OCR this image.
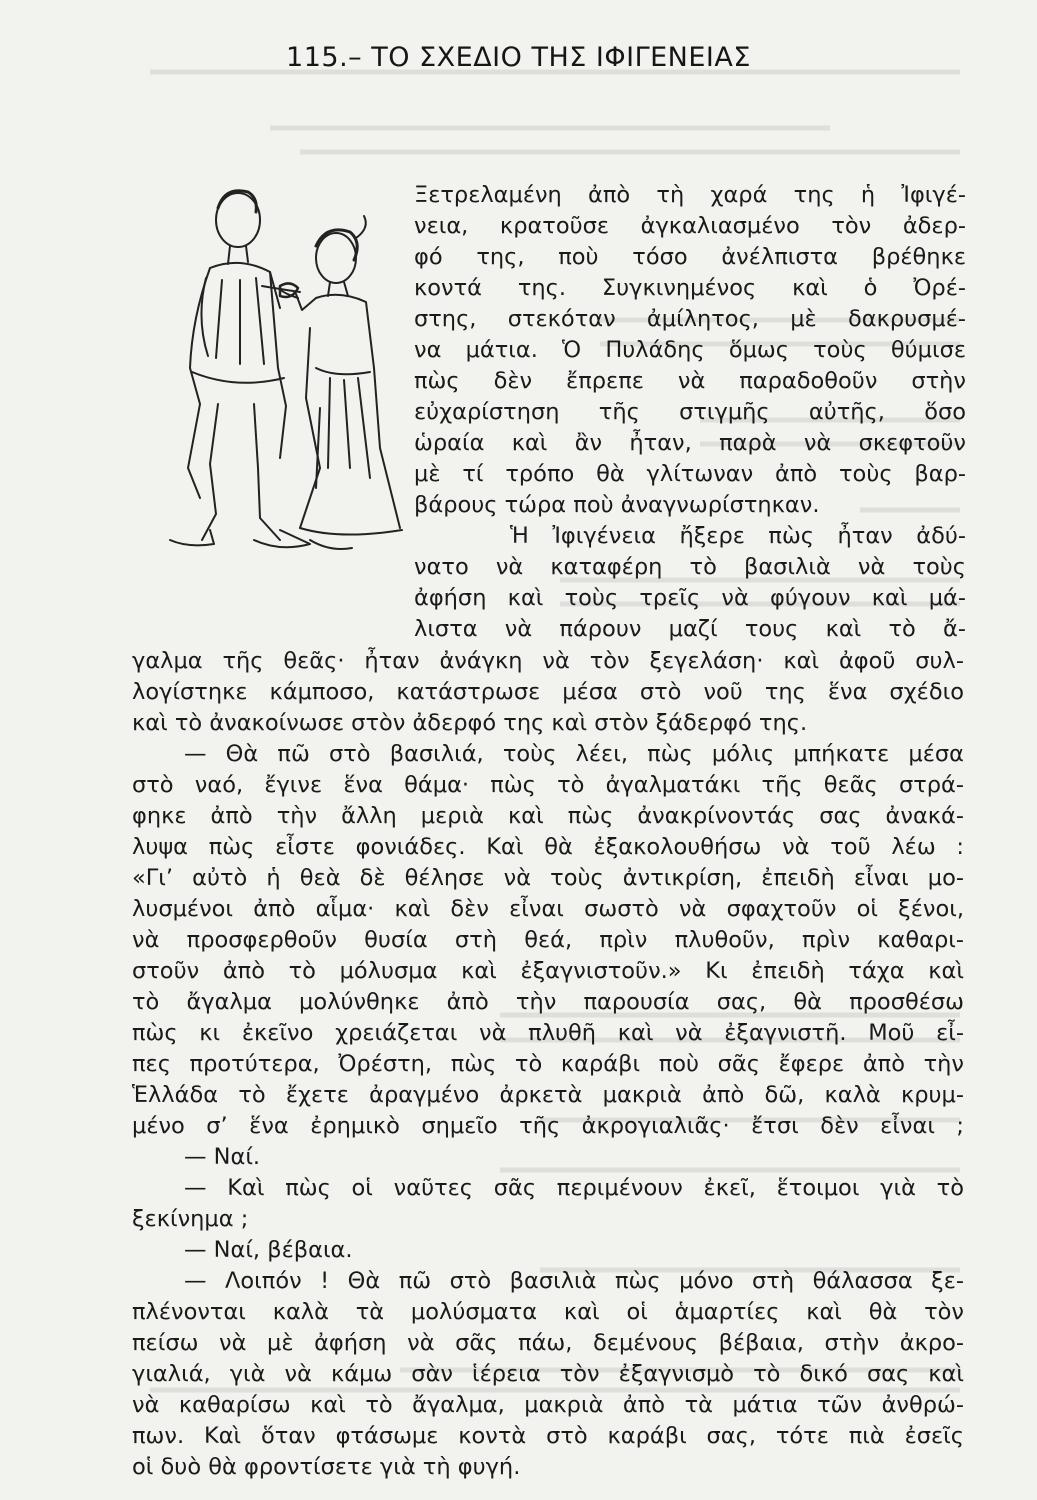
115.– ΤΟ ΣΧΕΔΙΟ ΤΗΣ ΙΦΙΓΕΝΕΙΑΣ
Ξετρελαμένη ἀπὸ τὴ χαρά της ἡ Ἰφιγέ-
νεια, κρατοῦσε ἀγκαλιασμένο τὸν ἀδερ-
φό της, ποὺ τόσο ἀνέλπιστα βρέθηκε
κοντά της. Συγκινημένος καὶ ὁ Ὀρέ-
στης, στεκόταν ἀμίλητος, μὲ δακρυσμέ-
να μάτια. Ὁ Πυλάδης ὅμως τοὺς θύμισε
πὼς δὲν ἔπρεπε νὰ παραδοθοῦν στὴν
εὐχαρίστηση τῆς στιγμῆς αὐτῆς, ὅσο
ὡραία καὶ ἂν ἦταν, παρὰ νὰ σκεφτοῦν
μὲ τί τρόπο θὰ γλίτωναν ἀπὸ τοὺς βαρ-
βάρους τώρα ποὺ ἀναγνωρίστηκαν.
Ἡ Ἰφιγένεια ἤξερε πὼς ἦταν ἀδύ-
νατο νὰ καταφέρη τὸ βασιλιὰ νὰ τοὺς
ἀφήση καὶ τοὺς τρεῖς νὰ φύγουν καὶ μά-
λιστα νὰ πάρουν μαζί τους καὶ τὸ ἄ-
γαλμα τῆς θεᾶς· ἦταν ἀνάγκη νὰ τὸν ξεγελάση· καὶ ἀφοῦ συλ-
λογίστηκε κάμποσο, κατάστρωσε μέσα στὸ νοῦ της ἕνα σχέδιο
καὶ τὸ ἀνακοίνωσε στὸν ἀδερφό της καὶ στὸν ξάδερφό της.
— Θὰ πῶ στὸ βασιλιά, τοὺς λέει, πὼς μόλις μπήκατε μέσα
στὸ ναό, ἔγινε ἕνα θάμα· πὼς τὸ ἀγαλματάκι τῆς θεᾶς στρά-
φηκε ἀπὸ τὴν ἄλλη μεριὰ καὶ πὼς ἀνακρίνοντάς σας ἀνακά-
λυψα πὼς εἶστε φονιάδες. Καὶ θὰ ἐξακολουθήσω νὰ τοῦ λέω :
«Γι’ αὐτὸ ἡ θεὰ δὲ θέλησε νὰ τοὺς ἀντικρίση, ἐπειδὴ εἶναι μο-
λυσμένοι ἀπὸ αἷμα· καὶ δὲν εἶναι σωστὸ νὰ σφαχτοῦν οἱ ξένοι,
νὰ προσφερθοῦν θυσία στὴ θεά, πρὶν πλυθοῦν, πρὶν καθαρι-
στοῦν ἀπὸ τὸ μόλυσμα καὶ ἐξαγνιστοῦν.» Κι ἐπειδὴ τάχα καὶ
τὸ ἄγαλμα μολύνθηκε ἀπὸ τὴν παρουσία σας, θὰ προσθέσω
πὼς κι ἐκεῖνο χρειάζεται νὰ πλυθῆ καὶ νὰ ἐξαγνιστῆ. Μοῦ εἶ-
πες προτύτερα, Ὀρέστη, πὼς τὸ καράβι ποὺ σᾶς ἔφερε ἀπὸ τὴν
Ἑλλάδα τὸ ἔχετε ἀραγμένο ἀρκετὰ μακριὰ ἀπὸ δῶ, καλὰ κρυμ-
μένο σ’ ἕνα ἐρημικὸ σημεῖο τῆς ἀκρογιαλιᾶς· ἔτσι δὲν εἶναι ;
— Ναί.
— Καὶ πὼς οἱ ναῦτες σᾶς περιμένουν ἐκεῖ, ἕτοιμοι γιὰ τὸ
ξεκίνημα ;
— Ναί, βέβαια.
— Λοιπόν ! Θὰ πῶ στὸ βασιλιὰ πὼς μόνο στὴ θάλασσα ξε-
πλένονται καλὰ τὰ μολύσματα καὶ οἱ ἁμαρτίες καὶ θὰ τὸν
πείσω νὰ μὲ ἀφήση νὰ σᾶς πάω, δεμένους βέβαια, στὴν ἀκρο-
γιαλιά, γιὰ νὰ κάμω σὰν ἱέρεια τὸν ἐξαγνισμὸ τὸ δικό σας καὶ
νὰ καθαρίσω καὶ τὸ ἄγαλμα, μακριὰ ἀπὸ τὰ μάτια τῶν ἀνθρώ-
πων. Καὶ ὅταν φτάσωμε κοντὰ στὸ καράβι σας, τότε πιὰ ἐσεῖς
οἱ δυὸ θὰ φροντίσετε γιὰ τὴ φυγή.
